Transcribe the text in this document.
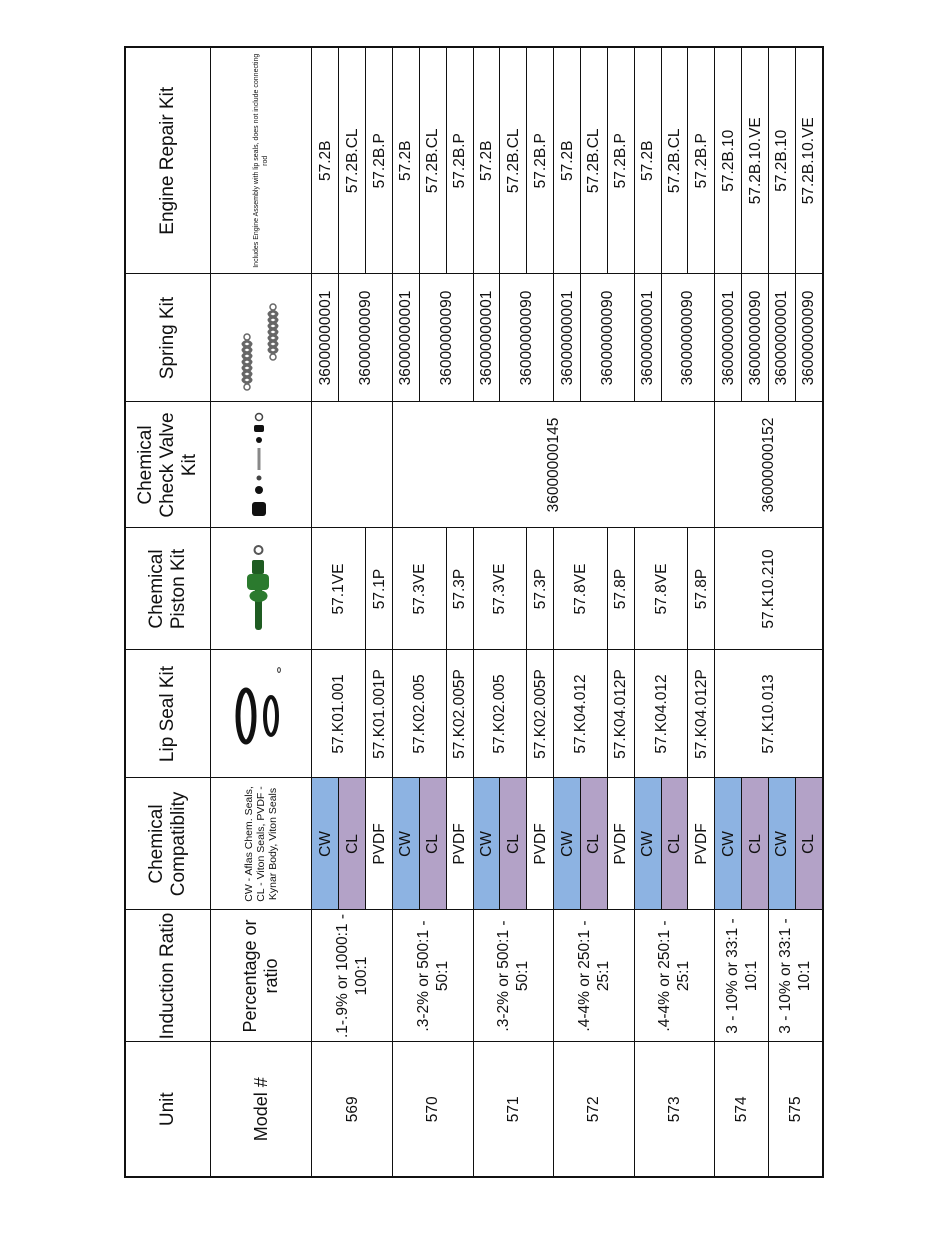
Unit	Induction Ratio	Chemical Compatiblity	Lip Seal Kit	Chemical Piston Kit	Chemical Check Valve Kit	Spring Kit	Engine Repair Kit
Model #	Percentage or ratio	CW - Aflas Chem. Seals, CL - Viton Seals, PVDF - Kynar Body, Viton Seals					Includes Engine Assembly with lip seals, does not include connecting rod
569	.1-.9% or 1000:1 - 100:1	CW	57.K01.001	57.1VE		36000000001	57.2B
		CL				36000000090	57.2B.CL
		PVDF	57.K01.001P	57.1P			57.2B.P
570	.3-2% or 500:1 - 50:1	CW	57.K02.005	57.3VE	36000000145	36000000001	57.2B
		CL				36000000090	57.2B.CL
		PVDF	57.K02.005P	57.3P			57.2B.P
571	.3-2% or 500:1 - 50:1	CW	57.K02.005	57.3VE		36000000001	57.2B
		CL				36000000090	57.2B.CL
		PVDF	57.K02.005P	57.3P			57.2B.P
572	.4-4% or 250:1 - 25:1	CW	57.K04.012	57.8VE		36000000001	57.2B
		CL				36000000090	57.2B.CL
		PVDF	57.K04.012P	57.8P			57.2B.P
573	.4-4% or 250:1 - 25:1	CW	57.K04.012	57.8VE		36000000001	57.2B
		CL				36000000090	57.2B.CL
		PVDF	57.K04.012P	57.8P			57.2B.P
574	3 - 10% or 33:1 - 10:1	CW	57.K10.013	57.K10.210	36000000152	36000000001	57.2B.10
		CL				36000000090	57.2B.10.VE
575	3 - 10% or 33:1 - 10:1	CW				36000000001	57.2B.10
		CL				36000000090	57.2B.10.VE
